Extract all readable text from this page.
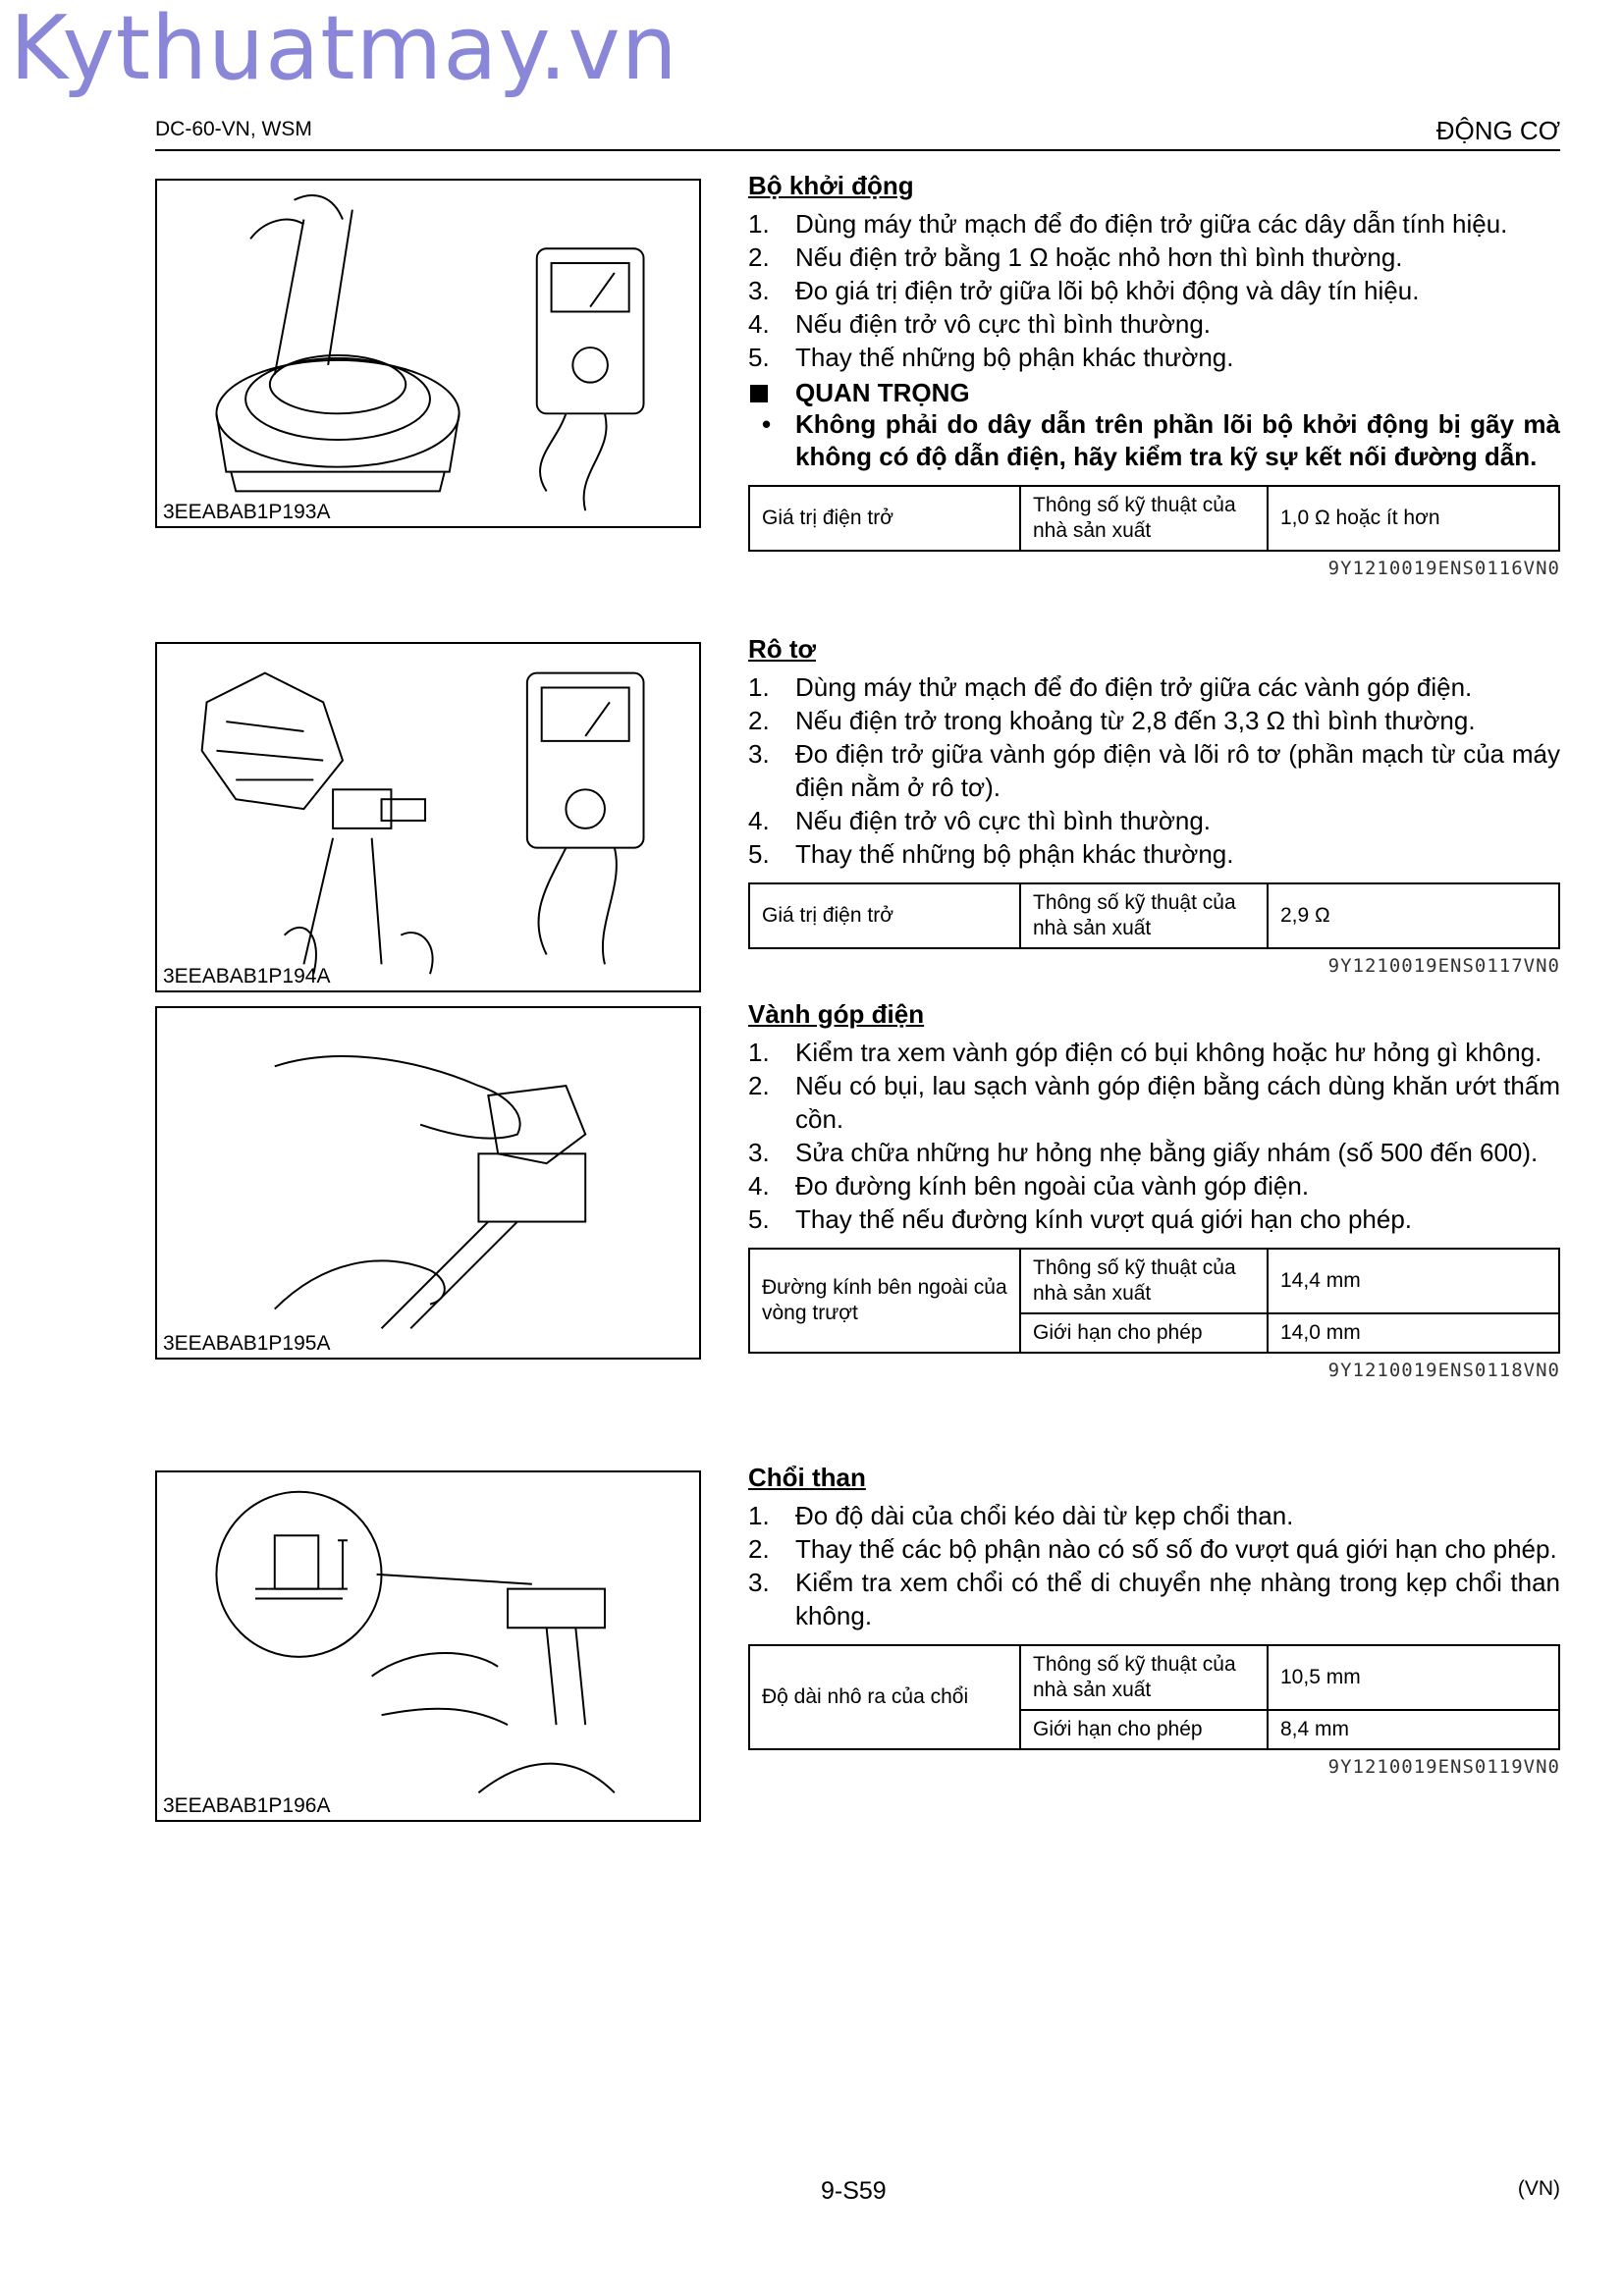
Kythuatmay.vn
DC-60-VN, WSM	ĐỘNG CƠ
3EEABAB1P193A
3EEABAB1P194A
3EEABAB1P195A
3EEABAB1P196A
Bộ khởi động
1. Dùng máy thử mạch để đo điện trở giữa các dây dẫn tính hiệu.
2. Nếu điện trở bằng 1 Ω hoặc nhỏ hơn thì bình thường.
3. Đo giá trị điện trở giữa lõi bộ khởi động và dây tín hiệu.
4. Nếu điện trở vô cực thì bình thường.
5. Thay thế những bộ phận khác thường.
QUAN TRỌNG
• Không phải do dây dẫn trên phần lõi bộ khởi động bị gãy mà không có độ dẫn điện, hãy kiểm tra kỹ sự kết nối đường dẫn.
Giá trị điện trở	Thông số kỹ thuật của nhà sản xuất	1,0 Ω hoặc ít hơn
9Y1210019ENS0116VN0
Rô tơ
1. Dùng máy thử mạch để đo điện trở giữa các vành góp điện.
2. Nếu điện trở trong khoảng từ 2,8 đến 3,3 Ω thì bình thường.
3. Đo điện trở giữa vành góp điện và lõi rô tơ (phần mạch từ của máy điện nằm ở rô tơ).
4. Nếu điện trở vô cực thì bình thường.
5. Thay thế những bộ phận khác thường.
Giá trị điện trở	Thông số kỹ thuật của nhà sản xuất	2,9 Ω
9Y1210019ENS0117VN0
Vành góp điện
1. Kiểm tra xem vành góp điện có bụi không hoặc hư hỏng gì không.
2. Nếu có bụi, lau sạch vành góp điện bằng cách dùng khăn ướt thấm cồn.
3. Sửa chữa những hư hỏng nhẹ bằng giấy nhám (số 500 đến 600).
4. Đo đường kính bên ngoài của vành góp điện.
5. Thay thế nếu đường kính vượt quá giới hạn cho phép.
Đường kính bên ngoài của vòng trượt	Thông số kỹ thuật của nhà sản xuất	14,4 mm
	Giới hạn cho phép	14,0 mm
9Y1210019ENS0118VN0
Chổi than
1. Đo độ dài của chổi kéo dài từ kẹp chổi than.
2. Thay thế các bộ phận nào có số số đo vượt quá giới hạn cho phép.
3. Kiểm tra xem chổi có thể di chuyển nhẹ nhàng trong kẹp chổi than không.
Độ dài nhô ra của chổi	Thông số kỹ thuật của nhà sản xuất	10,5 mm
	Giới hạn cho phép	8,4 mm
9Y1210019ENS0119VN0
9-S59	(VN)
